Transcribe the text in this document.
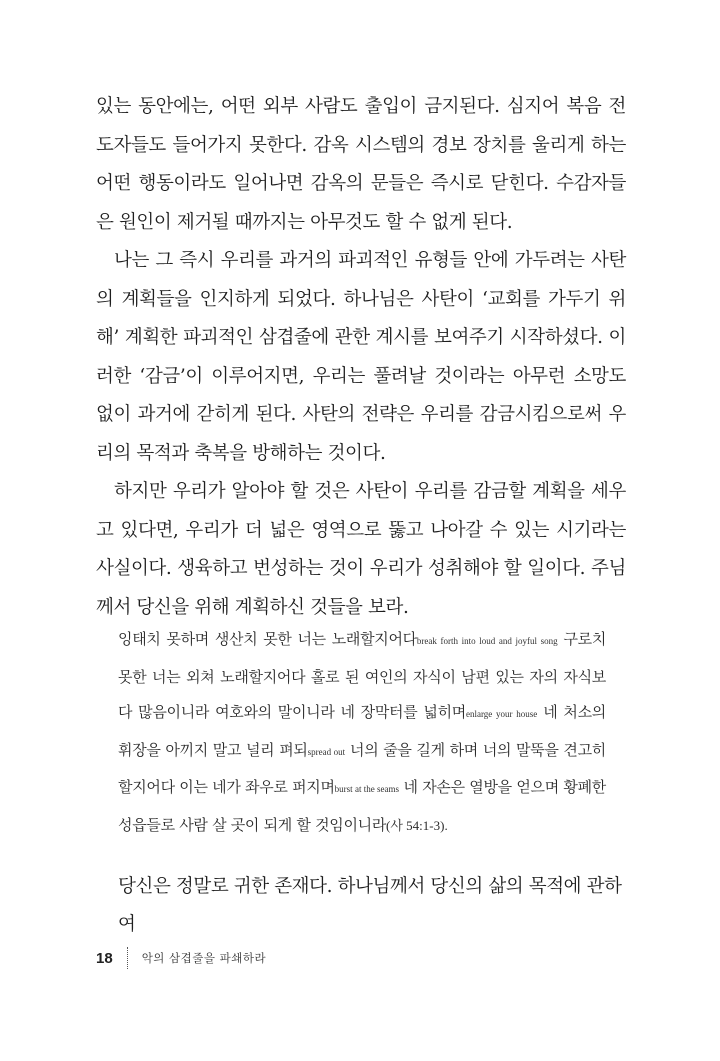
있는 동안에는, 어떤 외부 사람도 출입이 금지된다. 심지어 복음 전도자들도 들어가지 못한다. 감옥 시스템의 경보 장치를 울리게 하는 어떤 행동이라도 일어나면 감옥의 문들은 즉시로 닫힌다. 수감자들은 원인이 제거될 때까지는 아무것도 할 수 없게 된다.

나는 그 즉시 우리를 과거의 파괴적인 유형들 안에 가두려는 사탄의 계획들을 인지하게 되었다. 하나님은 사탄이 ‘교회를 가두기 위해’ 계획한 파괴적인 삼겹줄에 관한 계시를 보여주기 시작하셨다. 이러한 ‘감금’이 이루어지면, 우리는 풀려날 것이라는 아무런 소망도 없이 과거에 갇히게 된다. 사탄의 전략은 우리를 감금시킴으로써 우리의 목적과 축복을 방해하는 것이다.

하지만 우리가 알아야 할 것은 사탄이 우리를 감금할 계획을 세우고 있다면, 우리가 더 넓은 영역으로 뚫고 나아갈 수 있는 시기라는 사실이다. 생육하고 번성하는 것이 우리가 성취해야 할 일이다. 주님께서 당신을 위해 계획하신 것들을 보라.

잉태치 못하며 생산치 못한 너는 노래할지어다break forth into loud and joyful song 구로치 못한 너는 외쳐 노래할지어다 홀로 된 여인의 자식이 남편 있는 자의 자식보다 많음이니라 여호와의 말이니라 네 장막터를 넓히며enlarge your house 네 처소의 휘장을 아끼지 말고 널리 펴되spread out 너의 줄을 길게 하며 너의 말뚝을 견고히 할지어다 이는 네가 좌우로 퍼지며burst at the seams 네 자손은 열방을 얻으며 황폐한 성읍들로 사람 살 곳이 되게 할 것임이니라(사 54:1-3).
당신은 정말로 귀한 존재다. 하나님께서 당신의 삶의 목적에 관하여
18	악의 삼겹줄을 파쇄하라
